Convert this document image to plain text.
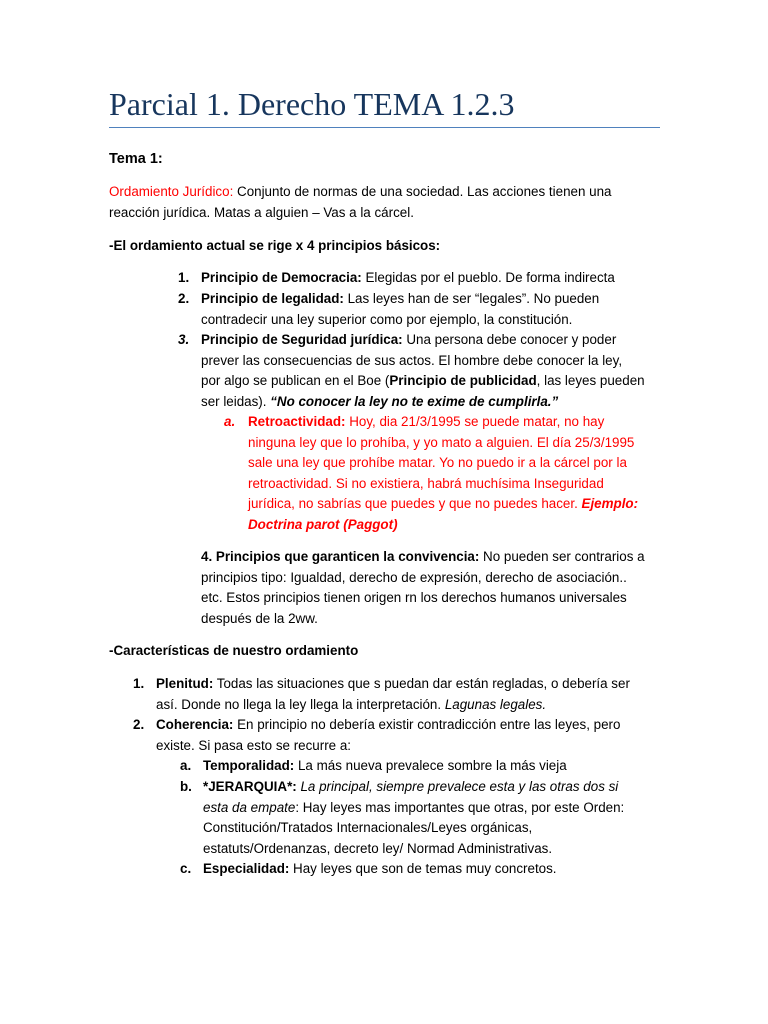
Parcial 1. Derecho TEMA 1.2.3
Tema 1:

Ordamiento Jurídico: Conjunto de normas de una sociedad. Las acciones tienen una

reacción jurídica. Matas a alguien – Vas a la cárcel.

-El ordamiento actual se rige x 4 principios básicos:
1. Principio de Democracia: Elegidas por el pueblo. De forma indirecta

2. Principio de legalidad: Las leyes han de ser “legales”. No pueden

contradecir una ley superior como por ejemplo, la constitución.

3. Principio de Seguridad jurídica: Una persona debe conocer y poder

prever las consecuencias de sus actos. El hombre debe conocer la ley,

por algo se publican en el Boe (Principio de publicidad, las leyes pueden

ser leidas). “No conocer la ley no te exime de cumplirla.”

a. Retroactividad: Hoy, dia 21/3/1995 se puede matar, no hay

ninguna ley que lo prohíba, y yo mato a alguien. El día 25/3/1995

sale una ley que prohíbe matar. Yo no puedo ir a la cárcel por la

retroactividad. Si no existiera, habrá muchísima Inseguridad

jurídica, no sabrías que puedes y que no puedes hacer. Ejemplo:

Doctrina parot (Paggot)

4. Principios que garanticen la convivencia: No pueden ser contrarios a

principios tipo: Igualdad, derecho de expresión, derecho de asociación..

etc. Estos principios tienen origen rn los derechos humanos universales

después de la 2ww.

-Características de nuestro ordamiento
1. Plenitud: Todas las situaciones que s puedan dar están regladas, o debería ser

así. Donde no llega la ley llega la interpretación. Lagunas legales.

2. Coherencia: En principio no debería existir contradicción entre las leyes, pero

existe. Si pasa esto se recurre a:

a. Temporalidad: La más nueva prevalece sombre la más vieja

b. *JERARQUIA*: La principal, siempre prevalece esta y las otras dos si

esta da empate: Hay leyes mas importantes que otras, por este Orden:

Constitución/Tratados Internacionales/Leyes orgánicas,

estatuts/Ordenanzas, decreto ley/ Normad Administrativas.

c. Especialidad: Hay leyes que son de temas muy concretos.
